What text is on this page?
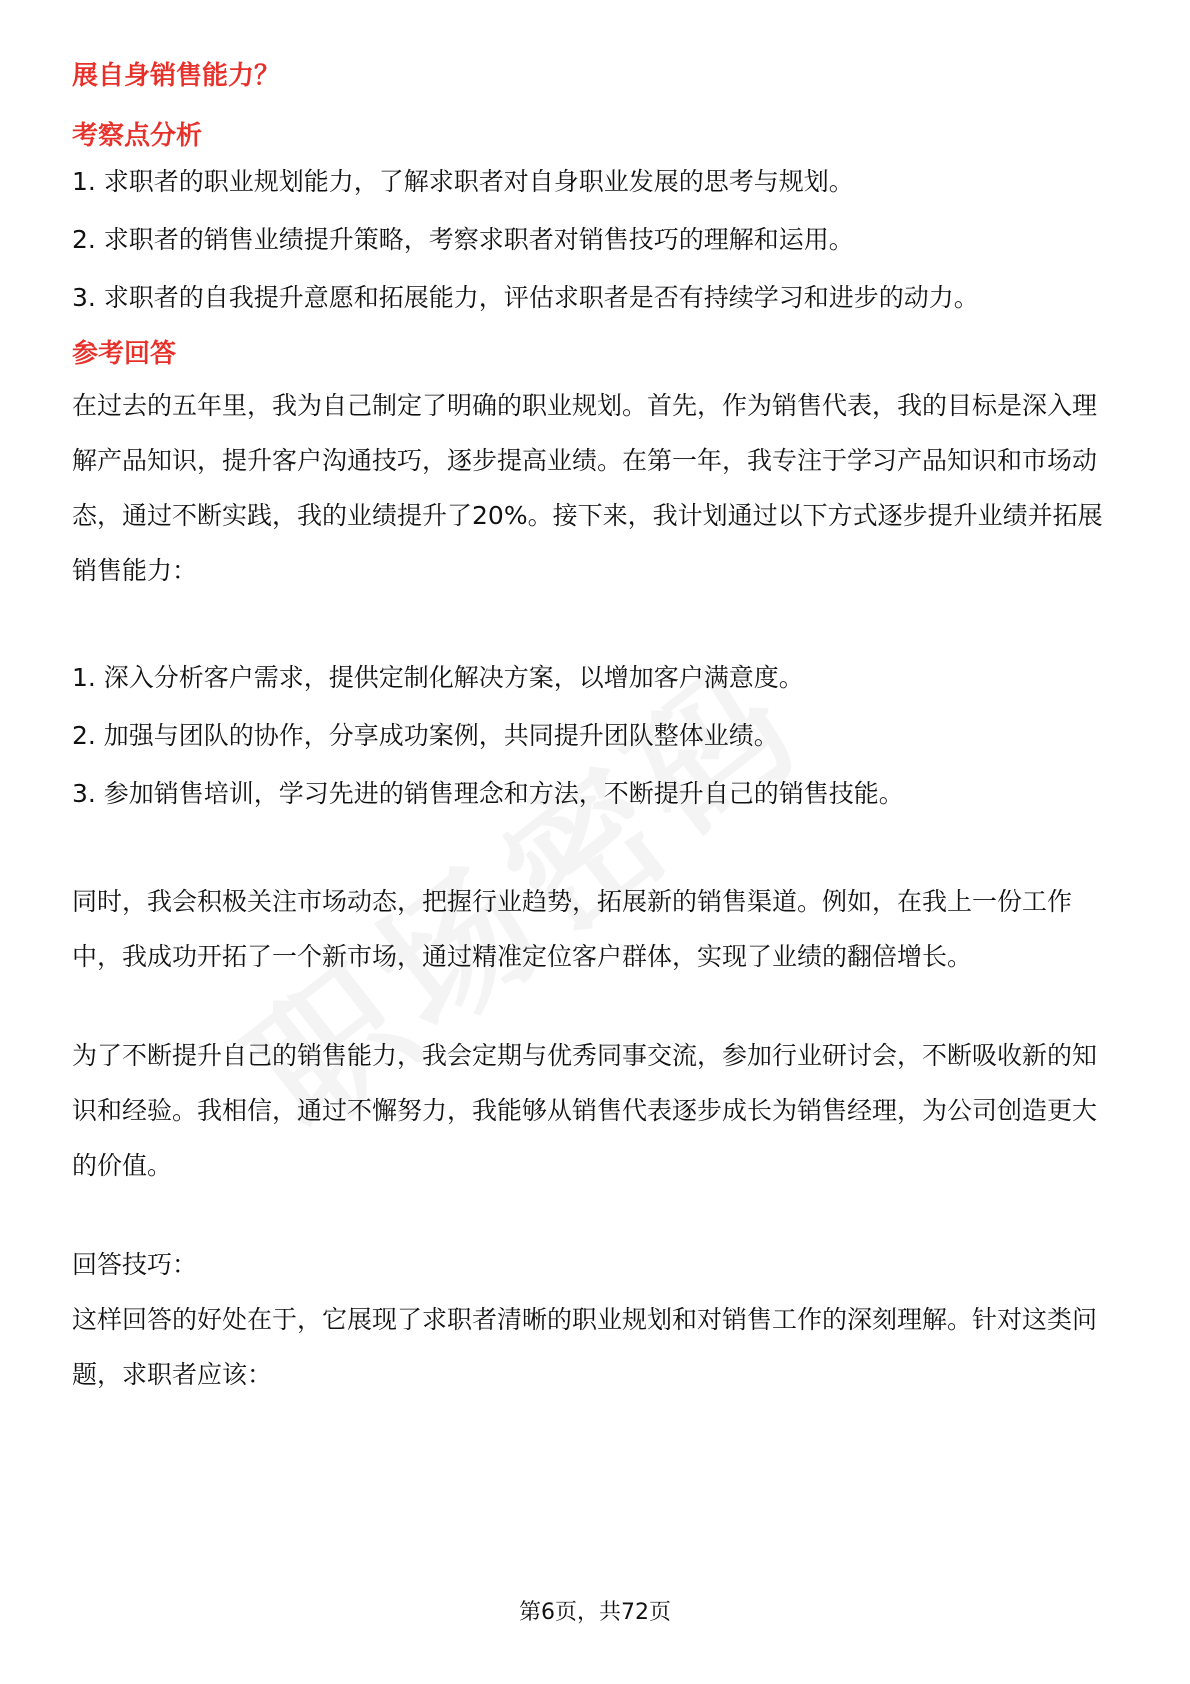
展自身销售能力？

考察点分析

1. 求职者的职业规划能力，了解求职者对自身职业发展的思考与规划。

2. 求职者的销售业绩提升策略，考察求职者对销售技巧的理解和运用。

3. 求职者的自我提升意愿和拓展能力，评估求职者是否有持续学习和进步的动力。

参考回答

在过去的五年里，我为自己制定了明确的职业规划。首先，作为销售代表，我的目标是深入理解产品知识，提升客户沟通技巧，逐步提高业绩。在第一年，我专注于学习产品知识和市场动态，通过不断实践，我的业绩提升了20%。接下来，我计划通过以下方式逐步提升业绩并拓展销售能力：

1. 深入分析客户需求，提供定制化解决方案，以增加客户满意度。

2. 加强与团队的协作，分享成功案例，共同提升团队整体业绩。

3. 参加销售培训，学习先进的销售理念和方法，不断提升自己的销售技能。

同时，我会积极关注市场动态，把握行业趋势，拓展新的销售渠道。例如，在我上一份工作中，我成功开拓了一个新市场，通过精准定位客户群体，实现了业绩的翻倍增长。

为了不断提升自己的销售能力，我会定期与优秀同事交流，参加行业研讨会，不断吸收新的知识和经验。我相信，通过不懈努力，我能够从销售代表逐步成长为销售经理，为公司创造更大的价值。

回答技巧：

这样回答的好处在于，它展现了求职者清晰的职业规划和对销售工作的深刻理解。针对这类问题，求职者应该：

第6页，共72页
